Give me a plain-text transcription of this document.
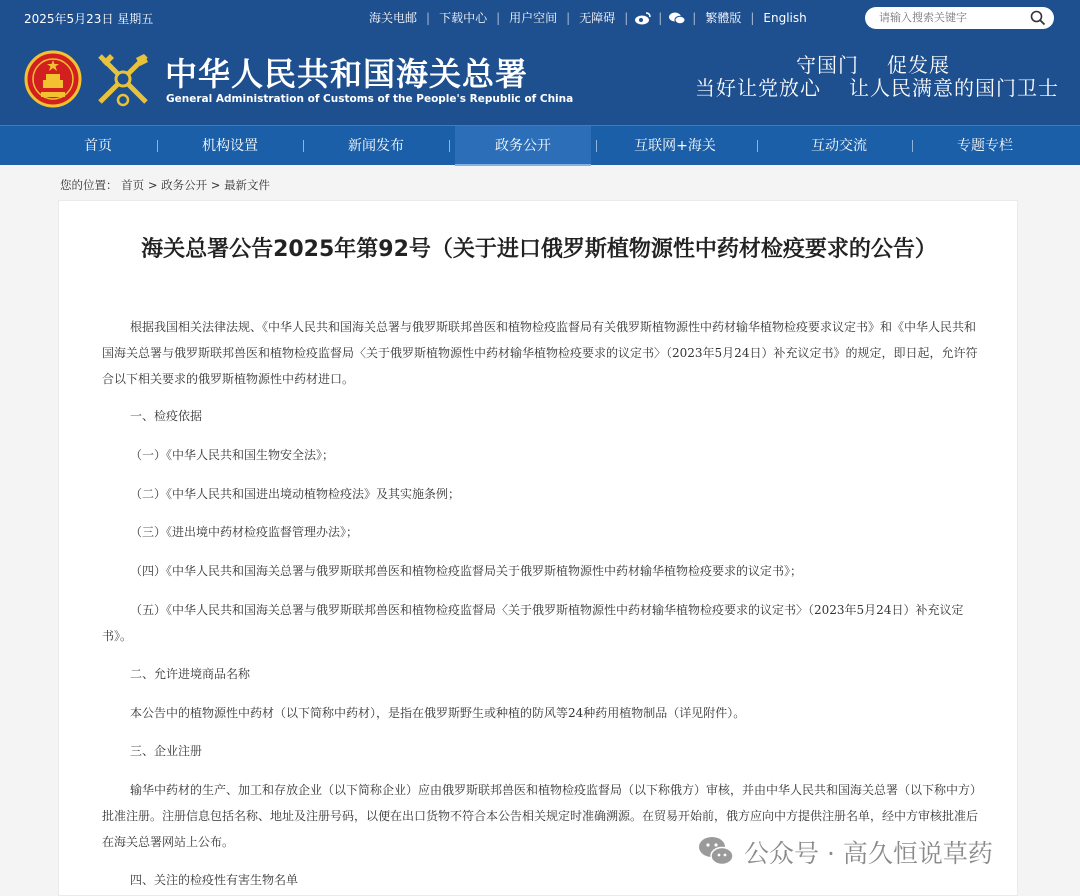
2025年5月23日 星期五	海关电邮 | 下载中心 | 用户空间 | 无障碍 |	|	| 繁體版 | English
请输入搜索关键字
中华人民共和国海关总署
General Administration of Customs of the People's Republic of China
守国门 促发展
当好让党放心 让人民满意的国门卫士
首页	机构设置	新闻发布	政务公开	互联网+海关	互动交流	专题专栏
您的位置： 首页 > 政务公开 > 最新文件
海关总署公告2025年第92号（关于进口俄罗斯植物源性中药材检疫要求的公告）
根据我国相关法律法规、《中华人民共和国海关总署与俄罗斯联邦兽医和植物检疫监督局有关俄罗斯植物源性中药材输华植物检疫要求议定书》和《中华人民共和国海关总署与俄罗斯联邦兽医和植物检疫监督局〈关于俄罗斯植物源性中药材输华植物检疫要求的议定书〉（2023年5月24日）补充议定书》的规定，即日起，允许符合以下相关要求的俄罗斯植物源性中药材进口。
一、检疫依据
（一）《中华人民共和国生物安全法》；
（二）《中华人民共和国进出境动植物检疫法》及其实施条例；
（三）《进出境中药材检疫监督管理办法》；
（四）《中华人民共和国海关总署与俄罗斯联邦兽医和植物检疫监督局关于俄罗斯植物源性中药材输华植物检疫要求的议定书》；
（五）《中华人民共和国海关总署与俄罗斯联邦兽医和植物检疫监督局〈关于俄罗斯植物源性中药材输华植物检疫要求的议定书〉（2023年5月24日）补充议定书》。
二、允许进境商品名称
本公告中的植物源性中药材（以下简称中药材），是指在俄罗斯野生或种植的防风等24种药用植物制品（详见附件）。
三、企业注册
输华中药材的生产、加工和存放企业（以下简称企业）应由俄罗斯联邦兽医和植物检疫监督局（以下称俄方）审核，并由中华人民共和国海关总署（以下称中方）批准注册。注册信息包括名称、地址及注册号码，以便在出口货物不符合本公告相关规定时准确溯源。在贸易开始前，俄方应向中方提供注册名单，经中方审核批准后在海关总署网站上公布。
四、关注的检疫性有害生物名单
公众号 · 高久恒说草药
